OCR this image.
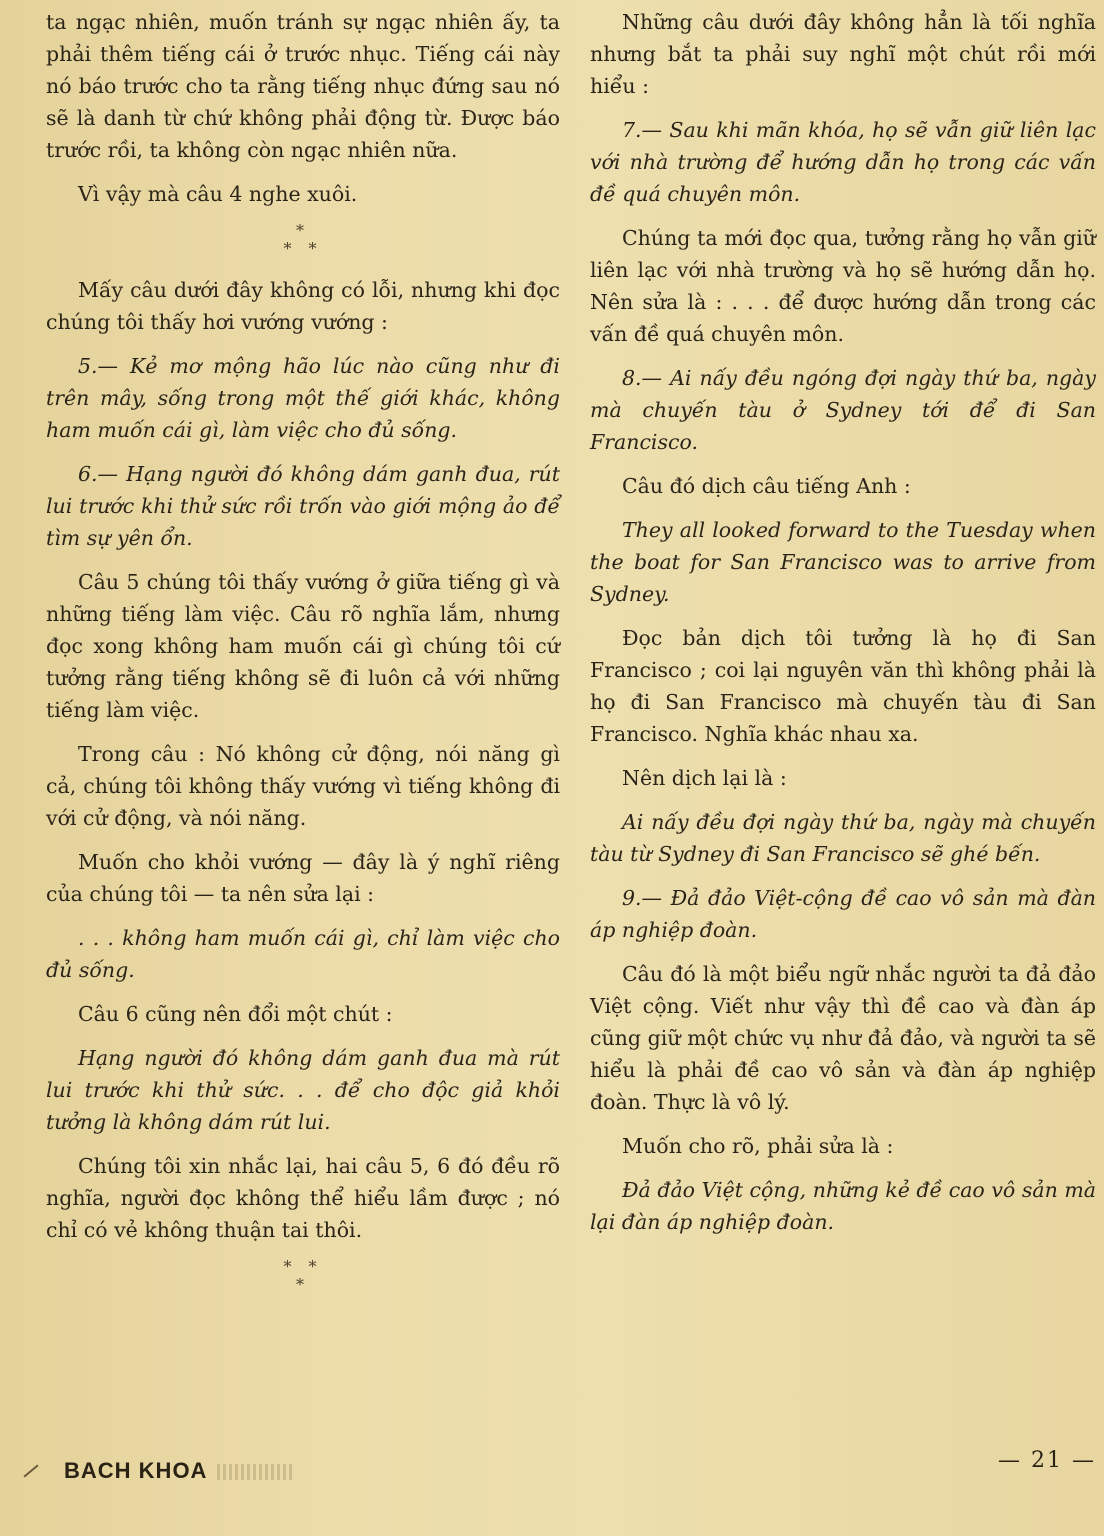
ta ngạc nhiên, muốn tránh sự ngạc nhiên ấy, ta phải thêm tiếng cái ở trước nhục. Tiếng cái này nó báo trước cho ta rằng tiếng nhục đứng sau nó sẽ là danh từ chứ không phải động từ. Được báo trước rồi, ta không còn ngạc nhiên nữa.

Vì vậy mà câu 4 nghe xuôi.

*
* *

Mấy câu dưới đây không có lỗi, nhưng khi đọc chúng tôi thấy hơi vướng vướng :

5.— Kẻ mơ mộng hão lúc nào cũng như đi trên mây, sống trong một thế giới khác, không ham muốn cái gì, làm việc cho đủ sống.

6.— Hạng người đó không dám ganh đua, rút lui trước khi thử sức rồi trốn vào giới mộng ảo để tìm sự yên ổn.

Câu 5 chúng tôi thấy vướng ở giữa tiếng gì và những tiếng làm việc. Câu rõ nghĩa lắm, nhưng đọc xong không ham muốn cái gì chúng tôi cứ tưởng rằng tiếng không sẽ đi luôn cả với những tiếng làm việc.

Trong câu : Nó không cử động, nói năng gì cả, chúng tôi không thấy vướng vì tiếng không đi với cử động, và nói năng.

Muốn cho khỏi vướng — đây là ý nghĩ riêng của chúng tôi — ta nên sửa lại :

. . . không ham muốn cái gì, chỉ làm việc cho đủ sống.

Câu 6 cũng nên đổi một chút :

Hạng người đó không dám ganh đua mà rút lui trước khi thử sức. . . để cho độc giả khỏi tưởng là không dám rút lui.

Chúng tôi xin nhắc lại, hai câu 5, 6 đó đều rõ nghĩa, người đọc không thể hiểu lầm được ; nó chỉ có vẻ không thuận tai thôi.

* *
*

Những câu dưới đây không hẳn là tối nghĩa nhưng bắt ta phải suy nghĩ một chút rồi mới hiểu :

7.— Sau khi mãn khóa, họ sẽ vẫn giữ liên lạc với nhà trường để hướng dẫn họ trong các vấn đề quá chuyên môn.

Chúng ta mới đọc qua, tưởng rằng họ vẫn giữ liên lạc với nhà trường và họ sẽ hướng dẫn họ. Nên sửa là : . . . để được hướng dẫn trong các vấn đề quá chuyên môn.

8.— Ai nấy đều ngóng đợi ngày thứ ba, ngày mà chuyến tàu ở Sydney tới để đi San Francisco.

Câu đó dịch câu tiếng Anh :

They all looked forward to the Tuesday when the boat for San Francisco was to arrive from Sydney.

Đọc bản dịch tôi tưởng là họ đi San Francisco ; coi lại nguyên văn thì không phải là họ đi San Francisco mà chuyến tàu đi San Francisco. Nghĩa khác nhau xa.

Nên dịch lại là :

Ai nấy đều đợi ngày thứ ba, ngày mà chuyến tàu từ Sydney đi San Francisco sẽ ghé bến.

9.— Đả đảo Việt-cộng đề cao vô sản mà đàn áp nghiệp đoàn.

Câu đó là một biểu ngữ nhắc người ta đả đảo Việt cộng. Viết như vậy thì đề cao và đàn áp cũng giữ một chức vụ như đả đảo, và người ta sẽ hiểu là phải đề cao vô sản và đàn áp nghiệp đoàn. Thực là vô lý.

Muốn cho rõ, phải sửa là :

Đả đảo Việt cộng, những kẻ đề cao vô sản mà lại đàn áp nghiệp đoàn.

BACH KHOA	— 21 —
